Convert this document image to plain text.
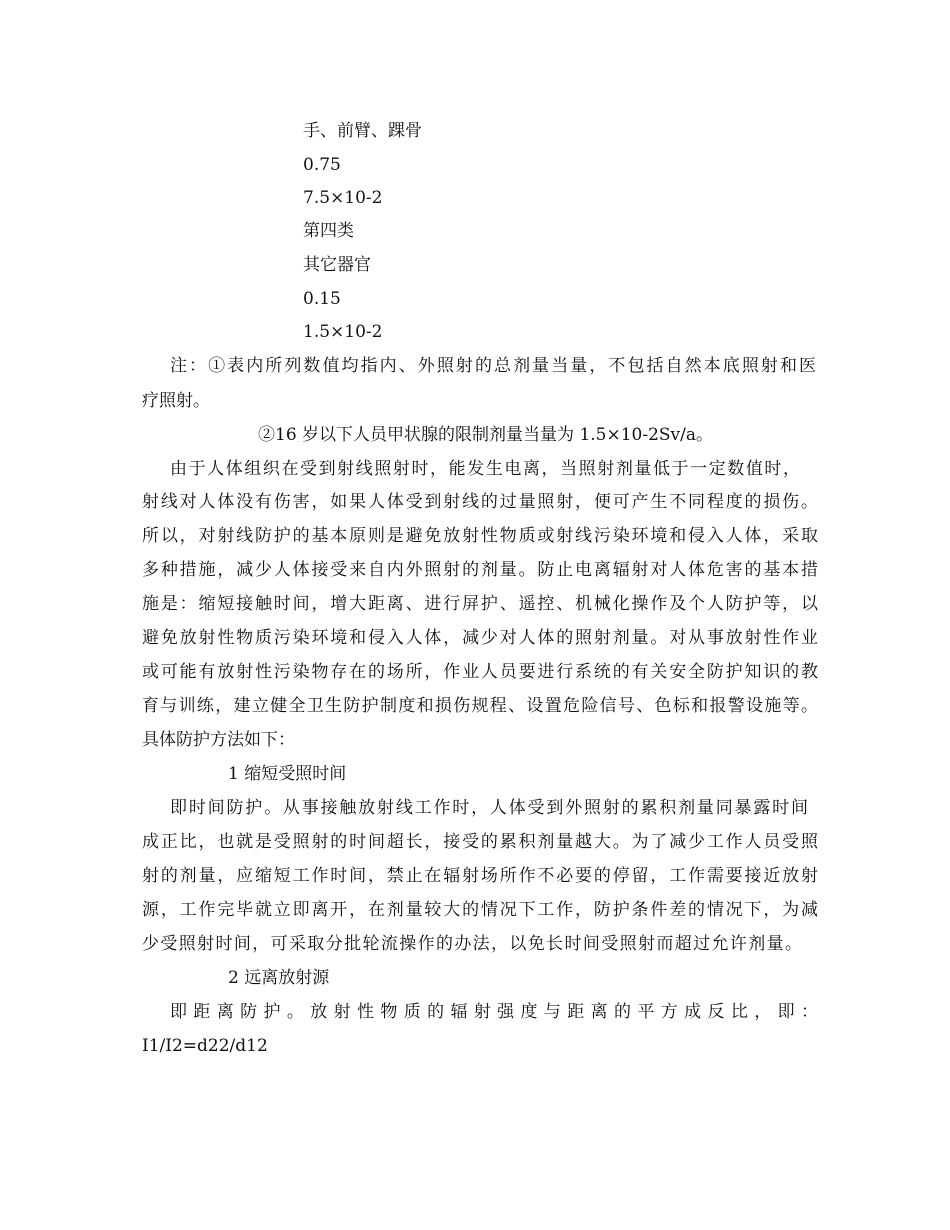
手、前臂、踝骨

0.75

7.5×10-2

第四类

其它器官

0.15

1.5×10-2

注：①表内所列数值均指内、外照射的总剂量当量，不包括自然本底照射和医

疗照射。

②16 岁以下人员甲状腺的限制剂量当量为 1.5×10-2Sv/a。

由于人体组织在受到射线照射时，能发生电离，当照射剂量低于一定数值时，

射线对人体没有伤害，如果人体受到射线的过量照射，便可产生不同程度的损伤。

所以，对射线防护的基本原则是避免放射性物质或射线污染环境和侵入人体，采取

多种措施，减少人体接受来自内外照射的剂量。防止电离辐射对人体危害的基本措

施是：缩短接触时间，增大距离、进行屏护、遥控、机械化操作及个人防护等，以

避免放射性物质污染环境和侵入人体，减少对人体的照射剂量。对从事放射性作业

或可能有放射性污染物存在的场所，作业人员要进行系统的有关安全防护知识的教

育与训练，建立健全卫生防护制度和损伤规程、设置危险信号、色标和报警设施等。

具体防护方法如下：

1 缩短受照时间

即时间防护。从事接触放射线工作时，人体受到外照射的累积剂量同暴露时间

成正比，也就是受照射的时间超长，接受的累积剂量越大。为了减少工作人员受照

射的剂量，应缩短工作时间，禁止在辐射场所作不必要的停留，工作需要接近放射

源，工作完毕就立即离开，在剂量较大的情况下工作，防护条件差的情况下，为减

少受照射时间，可采取分批轮流操作的办法，以免长时间受照射而超过允许剂量。

2 远离放射源

即距离防护。放射性物质的辐射强度与距离的平方成反比，即：

I1/I2=d22/d12
